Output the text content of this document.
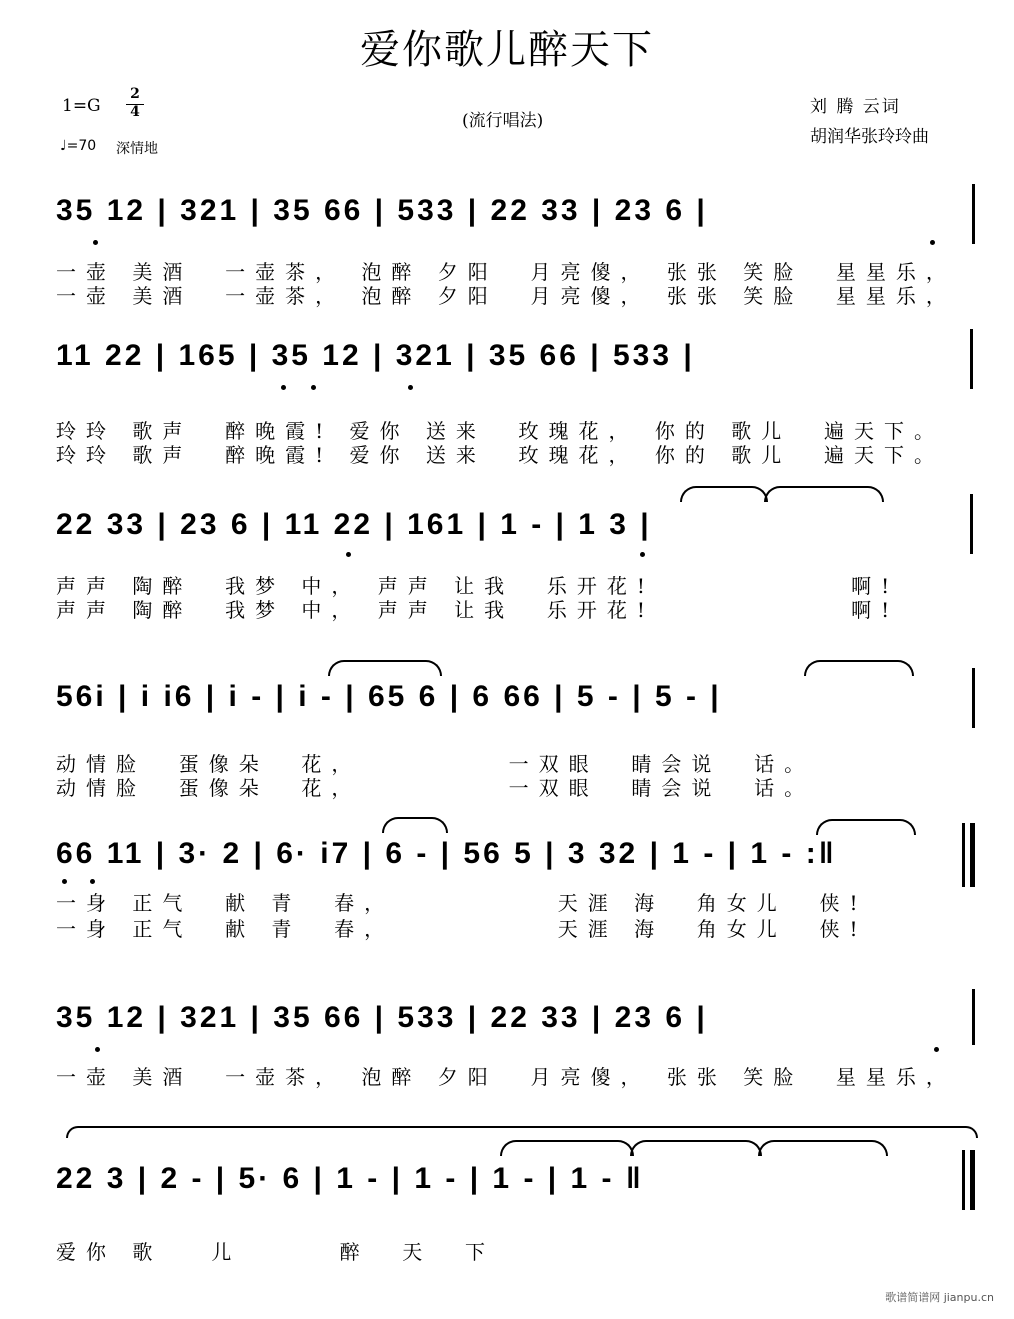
爱你歌儿醉天下
1=G
2
4
♩=70 深情地
(流行唱法)
刘 腾 云词
胡润华张玲玲曲
35 12 | 321 | 35 66 | 533 | 22 33 | 23 6 |
一壶 美酒  一壶茶， 泡醉 夕阳  月亮傻， 张张 笑脸  星星乐，
一壶 美酒  一壶茶， 泡醉 夕阳  月亮傻， 张张 笑脸  星星乐，
11 22 | 165 | 35 12 | 321 | 35 66 | 533 |
玲玲 歌声  醉晚霞! 爱你 送来  玫瑰花， 你的 歌儿  遍天下。
玲玲 歌声  醉晚霞! 爱你 送来  玫瑰花， 你的 歌儿  遍天下。
22 33 | 23 6 | 11 22 | 161 | 1 - | 1 3 |
声声 陶醉  我梦 中， 声声 让我  乐开花!            啊!
声声 陶醉  我梦 中， 声声 让我  乐开花!            啊!
56i | i i6 | i - | i - | 65 6 | 6 66 | 5 - | 5 - |
动情脸  蛋像朵  花，         一双眼  睛会说  话。
动情脸  蛋像朵  花，         一双眼  睛会说  话。
66 11 | 3· 2 | 6· i7 | 6 - | 56 5 | 3 32 | 1 - | 1 - :‖
一身 正气  献 青  春，          天涯 海  角女儿  侠!
一身 正气  献 青  春，          天涯 海  角女儿  侠!
35 12 | 321 | 35 66 | 533 | 22 33 | 23 6 |
一壶 美酒  一壶茶， 泡醉 夕阳  月亮傻， 张张 笑脸  星星乐，
22 3 | 2 - | 5· 6 | 1 - | 1 - | 1 - | 1 - ‖
爱你 歌   儿      醉  天  下
歌谱简谱网 jianpu.cn
